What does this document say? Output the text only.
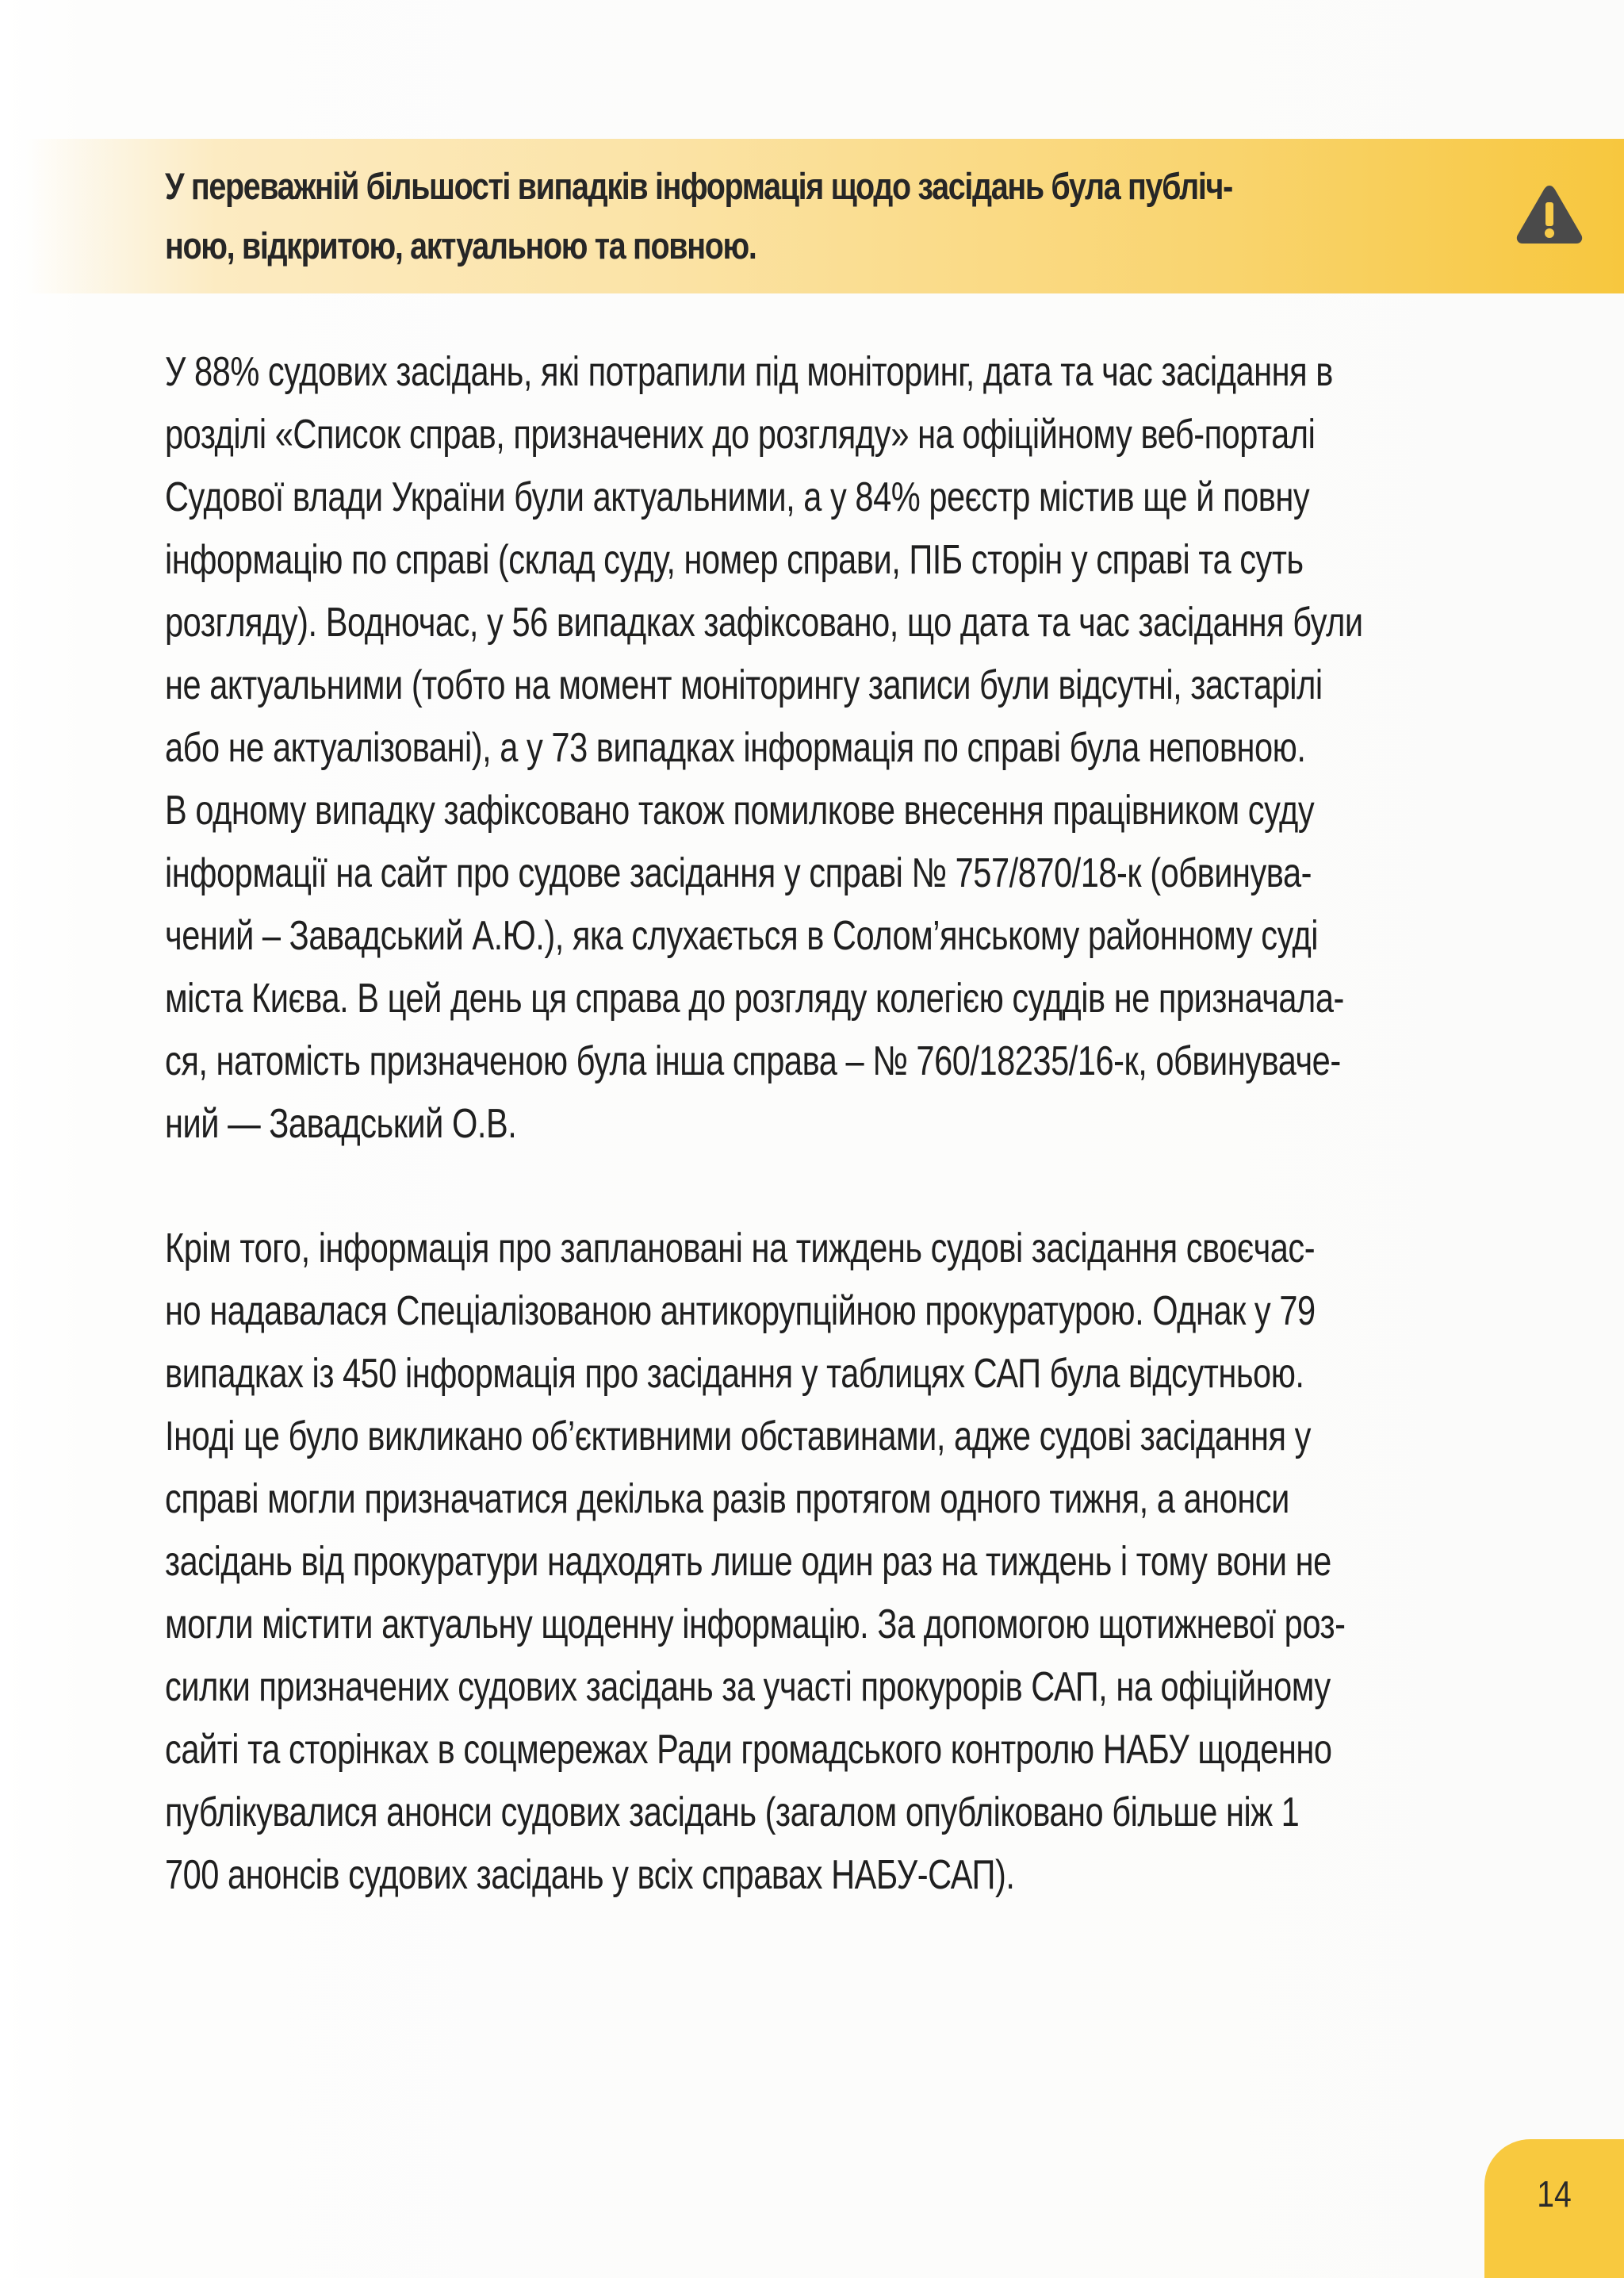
У переважній більшості випадків інформація щодо засідань була публіч-
ною, відкритою, актуальною та повною.

У 88% судових засідань, які потрапили під моніторинг, дата та час засідання в
розділі «Список справ, призначених до розгляду» на офіційному веб-порталі
Судової влади України були актуальними, а у 84% реєстр містив ще й повну
інформацію по справі (склад суду, номер справи, ПІБ сторін у справі та суть
розгляду). Водночас, у 56 випадках зафіксовано, що дата та час засідання були
не актуальними (тобто на момент моніторингу записи були відсутні, застарілі
або не актуалізовані), а у 73 випадках інформація по справі була неповною.
В одному випадку зафіксовано також помилкове внесення працівником суду
інформації на сайт про судове засідання у справі № 757/870/18-к (обвинува-
чений – Завадський А.Ю.), яка слухається в Солом’янському районному суді
міста Києва. В цей день ця справа до розгляду колегією суддів не призначала-
ся, натомість призначеною була інша справа – № 760/18235/16-к, обвинуваче-
ний — Завадський О.В.

Крім того, інформація про заплановані на тиждень судові засідання своєчас-
но надавалася Спеціалізованою антикорупційною прокуратурою. Однак у 79
випадках із 450 інформація про засідання у таблицях САП була відсутньою.
Іноді це було викликано об’єктивними обставинами, адже судові засідання у
справі могли призначатися декілька разів протягом одного тижня, а анонси
засідань від прокуратури надходять лише один раз на тиждень і тому вони не
могли містити актуальну щоденну інформацію. За допомогою щотижневої роз-
силки призначених судових засідань за участі прокурорів САП, на офіційному
сайті та сторінках в соцмережах Ради громадського контролю НАБУ щоденно
публікувалися анонси судових засідань (загалом опубліковано більше ніж 1
700 анонсів судових засідань у всіх справах НАБУ-САП).

14
